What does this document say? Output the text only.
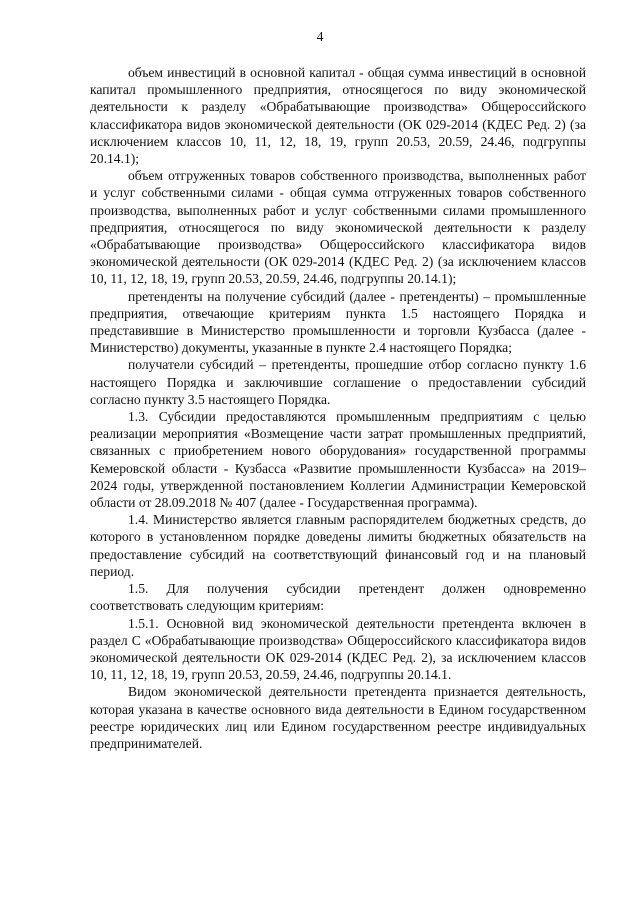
4

объем инвестиций в основной капитал - общая сумма инвестиций в основной капитал промышленного предприятия, относящегося по виду экономической деятельности к разделу «Обрабатывающие производства» Общероссийского классификатора видов экономической деятельности (ОК 029-2014 (КДЕС Ред. 2) (за исключением классов 10, 11, 12, 18, 19, групп 20.53, 20.59, 24.46, подгруппы 20.14.1);

объем отгруженных товаров собственного производства, выполненных работ и услуг собственными силами - общая сумма отгруженных товаров собственного производства, выполненных работ и услуг собственными силами промышленного предприятия, относящегося по виду экономической деятельности к разделу «Обрабатывающие производства» Общероссийского классификатора видов экономической деятельности (ОК 029-2014 (КДЕС Ред. 2) (за исключением классов 10, 11, 12, 18, 19, групп 20.53, 20.59, 24.46, подгруппы 20.14.1);

претенденты на получение субсидий (далее - претенденты) – промышленные предприятия, отвечающие критериям пункта 1.5 настоящего Порядка и представившие в Министерство промышленности и торговли Кузбасса (далее - Министерство) документы, указанные в пункте 2.4 настоящего Порядка;

получатели субсидий – претенденты, прошедшие отбор согласно пункту 1.6 настоящего Порядка и заключившие соглашение о предоставлении субсидий согласно пункту 3.5 настоящего Порядка.

1.3. Субсидии предоставляются промышленным предприятиям с целью реализации мероприятия «Возмещение части затрат промышленных предприятий, связанных с приобретением нового оборудования» государственной программы Кемеровской области - Кузбасса «Развитие промышленности Кузбасса» на 2019–2024 годы, утвержденной постановлением Коллегии Администрации Кемеровской области от 28.09.2018 № 407 (далее - Государственная программа).

1.4. Министерство является главным распорядителем бюджетных средств, до которого в установленном порядке доведены лимиты бюджетных обязательств на предоставление субсидий на соответствующий финансовый год и на плановый период.

1.5. Для получения субсидии претендент должен одновременно соответствовать следующим критериям:

1.5.1. Основной вид экономической деятельности претендента включен в раздел С «Обрабатывающие производства» Общероссийского классификатора видов экономической деятельности ОК 029-2014 (КДЕС Ред. 2), за исключением классов 10, 11, 12, 18, 19, групп 20.53, 20.59, 24.46, подгруппы 20.14.1.

Видом экономической деятельности претендента признается деятельность, которая указана в качестве основного вида деятельности в Едином государственном реестре юридических лиц или Едином государственном реестре индивидуальных предпринимателей.
